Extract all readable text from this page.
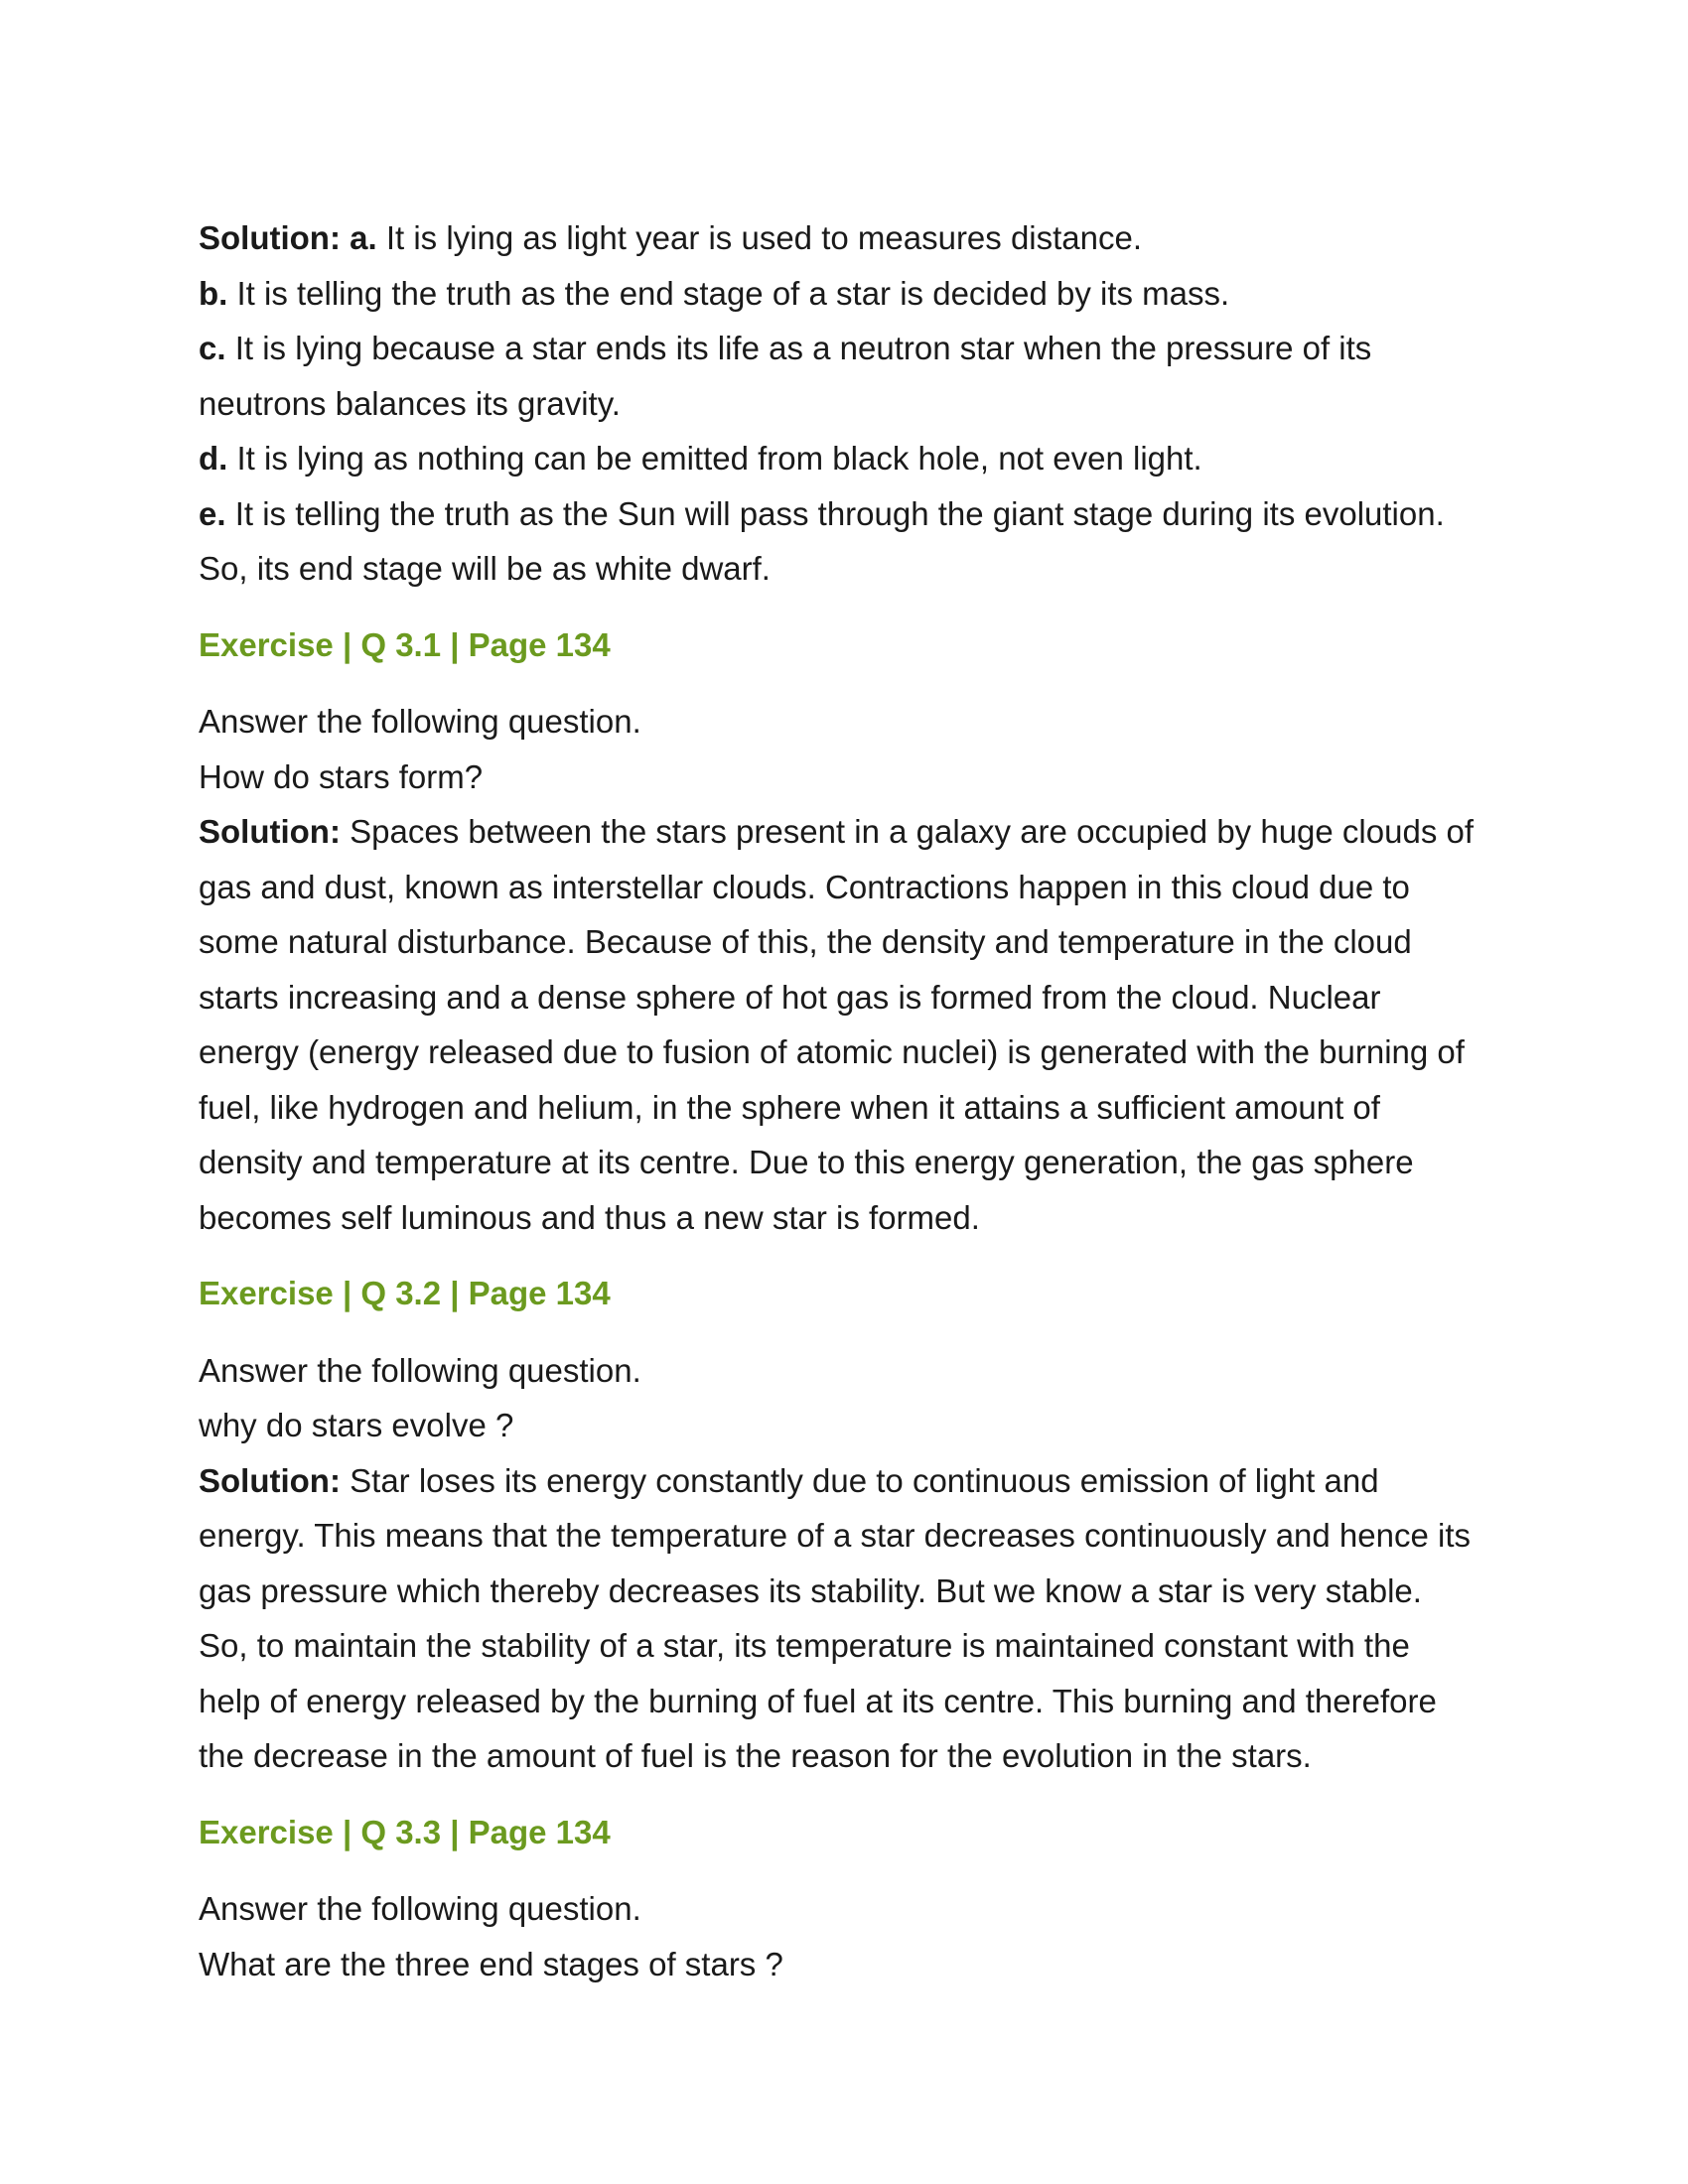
Solution: a. It is lying as light year is used to measures distance.

b. It is telling the truth as the end stage of a star is decided by its mass.

c. It is lying because a star ends its life as a neutron star when the pressure of its

neutrons balances its gravity.

d. It is lying as nothing can be emitted from black hole, not even light.

e. It is telling the truth as the Sun will pass through the giant stage during its evolution.

So, its end stage will be as white dwarf.

Exercise | Q 3.1 | Page 134

Answer the following question.

How do stars form?

Solution: Spaces between the stars present in a galaxy are occupied by huge clouds of

gas and dust, known as interstellar clouds. Contractions happen in this cloud due to

some natural disturbance. Because of this, the density and temperature in the cloud

starts increasing and a dense sphere of hot gas is formed from the cloud. Nuclear

energy (energy released due to fusion of atomic nuclei) is generated with the burning of

fuel, like hydrogen and helium, in the sphere when it attains a sufficient amount of

density and temperature at its centre. Due to this energy generation, the gas sphere

becomes self luminous and thus a new star is formed.

Exercise | Q 3.2 | Page 134

Answer the following question.

why do stars evolve ?

Solution: Star loses its energy constantly due to continuous emission of light and

energy. This means that the temperature of a star decreases continuously and hence its

gas pressure which thereby decreases its stability. But we know a star is very stable.

So, to maintain the stability of a star, its temperature is maintained constant with the

help of energy released by the burning of fuel at its centre. This burning and therefore

the decrease in the amount of fuel is the reason for the evolution in the stars.

Exercise | Q 3.3 | Page 134

Answer the following question.

What are the three end stages of stars ?
